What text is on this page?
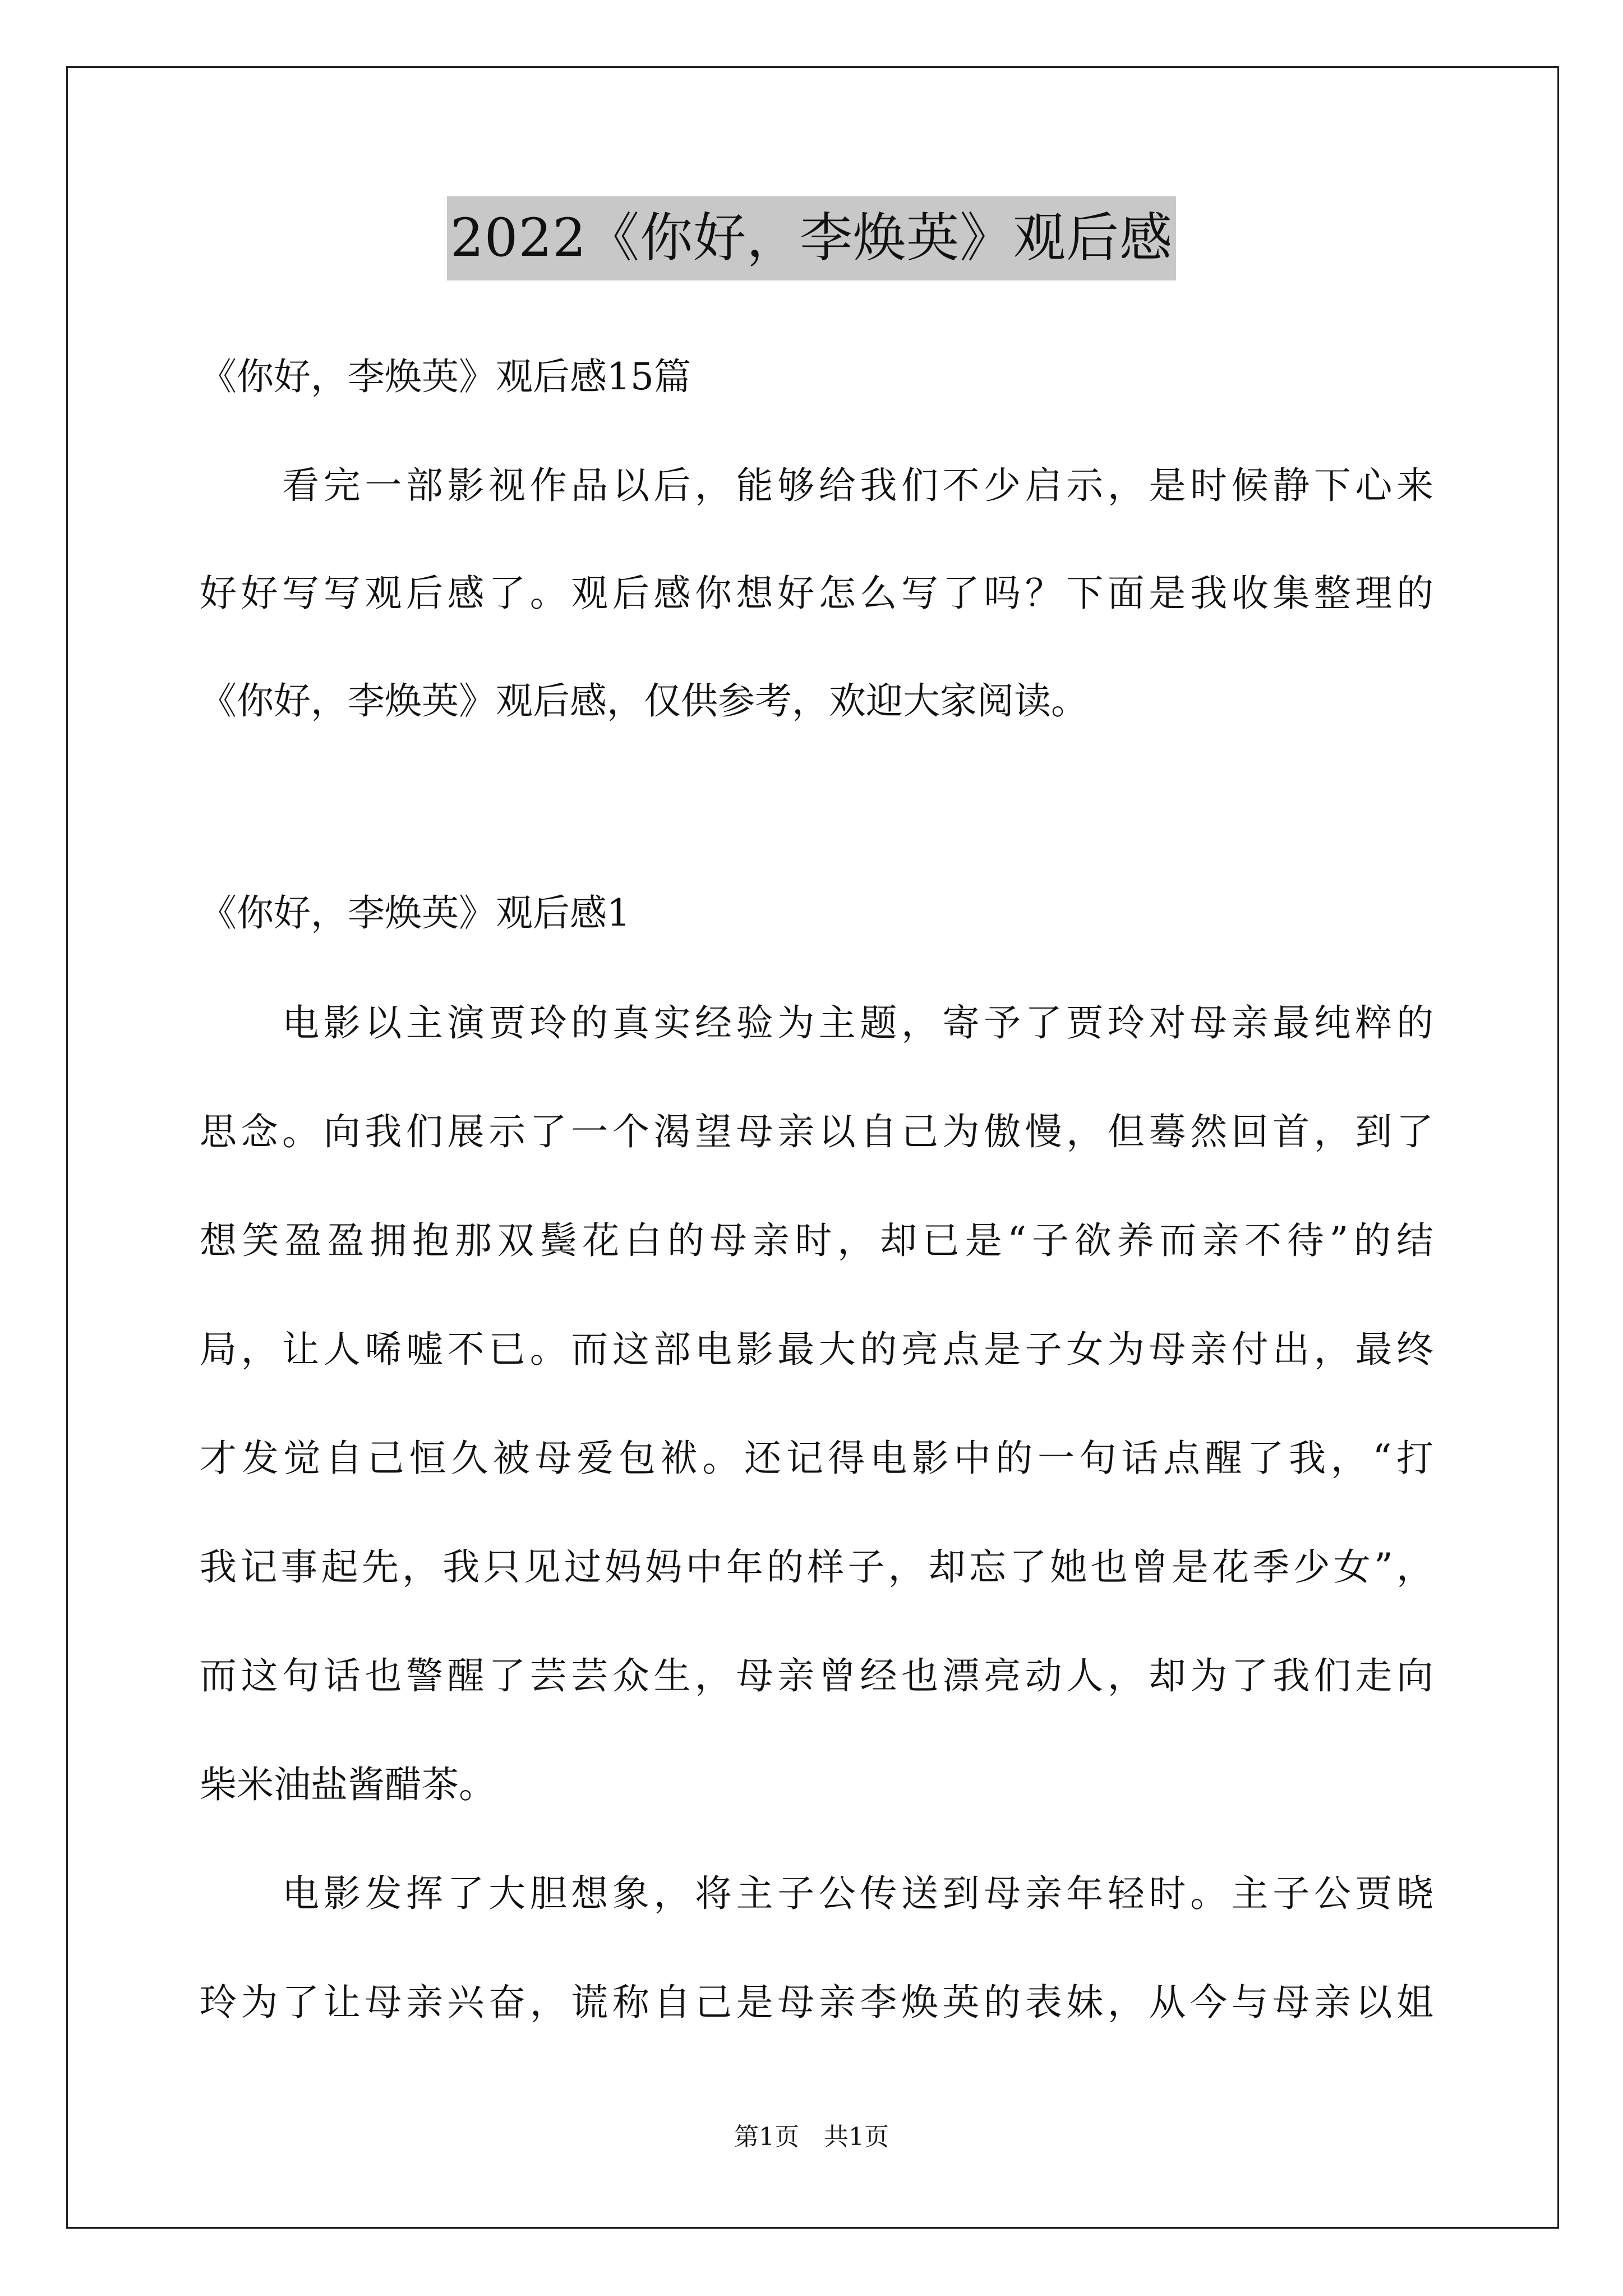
2022《你好，李焕英》观后感
《你好，李焕英》观后感15篇
　　看完一部影视作品以后，能够给我们不少启示，是时候静下心来
好好写写观后感了。观后感你想好怎么写了吗？下面是我收集整理的
《你好，李焕英》观后感，仅供参考，欢迎大家阅读。
《你好，李焕英》观后感1
　　电影以主演贾玲的真实经验为主题，寄予了贾玲对母亲最纯粹的
思念。向我们展示了一个渴望母亲以自己为傲慢，但蓦然回首，到了
想笑盈盈拥抱那双鬓花白的母亲时，却已是“子欲养而亲不待”的结
局，让人唏嘘不已。而这部电影最大的亮点是子女为母亲付出，最终
才发觉自己恒久被母爱包袱。还记得电影中的一句话点醒了我，“打
我记事起先，我只见过妈妈中年的样子，却忘了她也曾是花季少女”，
而这句话也警醒了芸芸众生，母亲曾经也漂亮动人，却为了我们走向
柴米油盐酱醋茶。
　　电影发挥了大胆想象，将主子公传送到母亲年轻时。主子公贾晓
玲为了让母亲兴奋，谎称自己是母亲李焕英的表妹，从今与母亲以姐
第1页　共1页
